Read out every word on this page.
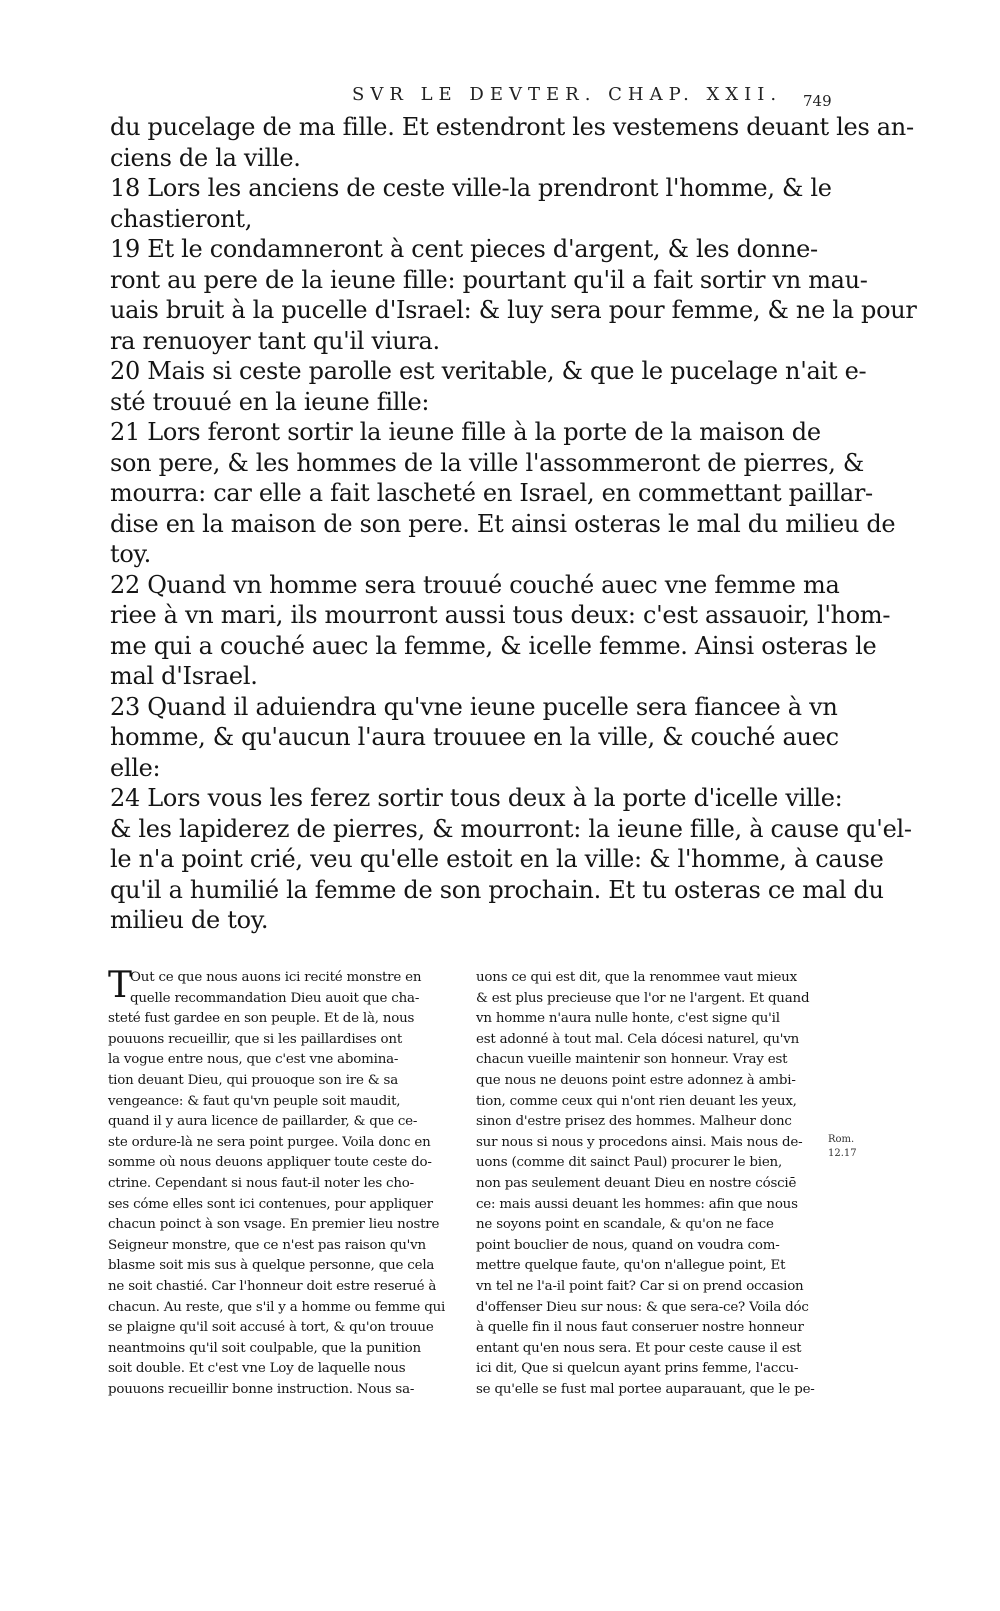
SVR LE DEVTER. CHAP. XXII. 749
du pucelage de ma fille. Et estendront les vestemens deuant les an-
ciens de la ville.
18 Lors les anciens de ceste ville-la prendront l'homme, & le
chastieront,
19 Et le condamneront à cent pieces d'argent, & les donne-
ront au pere de la ieune fille: pourtant qu'il a fait sortir vn mau-
uais bruit à la pucelle d'Israel: & luy sera pour femme, & ne la pour
ra renuoyer tant qu'il viura.
20 Mais si ceste parolle est veritable, & que le pucelage n'ait e-
sté trouué en la ieune fille:
21 Lors feront sortir la ieune fille à la porte de la maison de
son pere, & les hommes de la ville l'assommeront de pierres, &
mourra: car elle a fait lascheté en Israel, en commettant paillar-
dise en la maison de son pere. Et ainsi osteras le mal du milieu de
toy.
22 Quand vn homme sera trouué couché auec vne femme ma
riee à vn mari, ils mourront aussi tous deux: c'est assauoir, l'hom-
me qui a couché auec la femme, & icelle femme. Ainsi osteras le
mal d'Israel.
23 Quand il aduiendra qu'vne ieune pucelle sera fiancee à vn
homme, & qu'aucun l'aura trouuee en la ville, & couché auec
elle:
24 Lors vous les ferez sortir tous deux à la porte d'icelle ville:
& les lapiderez de pierres, & mourront: la ieune fille, à cause qu'el-
le n'a point crié, veu qu'elle estoit en la ville: & l'homme, à cause
qu'il a humilié la femme de son prochain. Et tu osteras ce mal du
milieu de toy.
T
Out ce que nous auons ici recité monstre en
quelle recommandation Dieu auoit que cha-
steté fust gardee en son peuple. Et de là, nous
pouuons recueillir, que si les paillardises ont
la vogue entre nous, que c'est vne abomina-
tion deuant Dieu, qui prouoque son ire & sa
vengeance: & faut qu'vn peuple soit maudit,
quand il y aura licence de paillarder, & que ce-
ste ordure-là ne sera point purgee. Voila donc en
somme où nous deuons appliquer toute ceste do-
ctrine. Cependant si nous faut-il noter les cho-
ses cóme elles sont ici contenues, pour appliquer
chacun poinct à son vsage. En premier lieu nostre
Seigneur monstre, que ce n'est pas raison qu'vn
blasme soit mis sus à quelque personne, que cela
ne soit chastié. Car l'honneur doit estre reserué à
chacun. Au reste, que s'il y a homme ou femme qui
se plaigne qu'il soit accusé à tort, & qu'on trouue
neantmoins qu'il soit coulpable, que la punition
soit double. Et c'est vne Loy de laquelle nous
pouuons recueillir bonne instruction. Nous sa-
uons ce qui est dit, que la renommee vaut mieux
& est plus precieuse que l'or ne l'argent. Et quand
vn homme n'aura nulle honte, c'est signe qu'il
est adonné à tout mal. Cela dócesi naturel, qu'vn
chacun vueille maintenir son honneur. Vray est
que nous ne deuons point estre adonnez à ambi-
tion, comme ceux qui n'ont rien deuant les yeux,
sinon d'estre prisez des hommes. Malheur donc
sur nous si nous y procedons ainsi. Mais nous de-
uons (comme dit sainct Paul) procurer le bien,
non pas seulement deuant Dieu en nostre cósciē
ce: mais aussi deuant les hommes: afin que nous
ne soyons point en scandale, & qu'on ne face
point bouclier de nous, quand on voudra com-
mettre quelque faute, qu'on n'allegue point, Et
vn tel ne l'a-il point fait? Car si on prend occasion
d'offenser Dieu sur nous: & que sera-ce? Voila dóc
à quelle fin il nous faut conseruer nostre honneur
entant qu'en nous sera. Et pour ceste cause il est
ici dit, Que si quelcun ayant prins femme, l'accu-
se qu'elle se fust mal portee auparauant, que le pe-
Rom.
12.17
